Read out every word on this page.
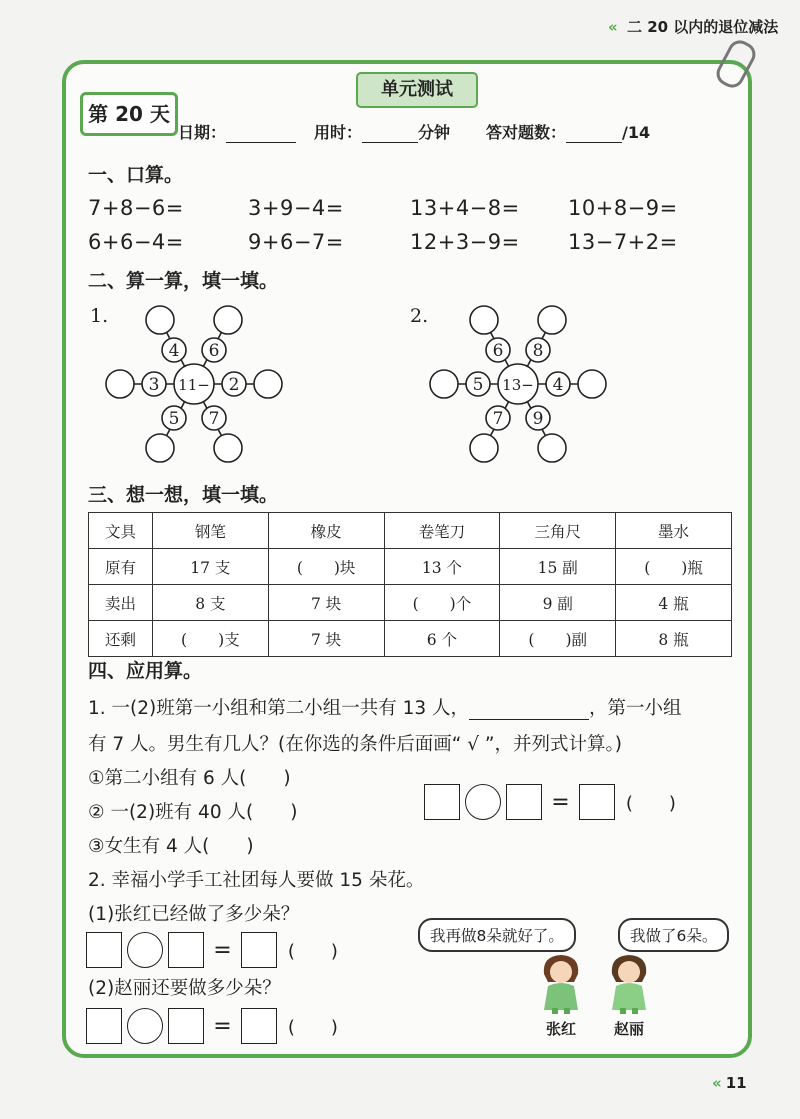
« 二 20 以内的退位减法
第 20 天
单元测试
日期：	用时：	分钟 答对题数：	/14
一、口算。
7+8−6=	3+9−4=	13+4−8= 10+8−9=
6+6−4=	9+6−7=	12+3−9= 13−7+2=
二、算一算，填一填。
1.
4 6
3	2
11−
5 7
2.
6 8
5	4
13−
7 9
三、想一想，填一填。
文具	钢笔	橡皮	卷笔刀	三角尺	墨水
原有	17 支	(　　)块	13 个	15 副	(　　)瓶
卖出	8 支	7 块	(　　)个	9 副	4 瓶
还剩	(　　)支	7 块	6 个	(　　)副	8 瓶
四、应用算。
1. 一(2)班第一小组和第二小组一共有 13 人，	，第一小组
有 7 人。男生有几人？(在你选的条件后面画“ √ ”，并列式计算。)
①第二小组有 6 人(　　)
② 一(2)班有 40 人(　　)
③女生有 4 人(　　)
=	(　　)
2. 幸福小学手工社团每人要做 15 朵花。
(1)张红已经做了多少朵？
=	(　　)
(2)赵丽还要做多少朵？
=	(　　)
我再做8朵就好了。	我做了6朵。
张红	赵丽
« 11
